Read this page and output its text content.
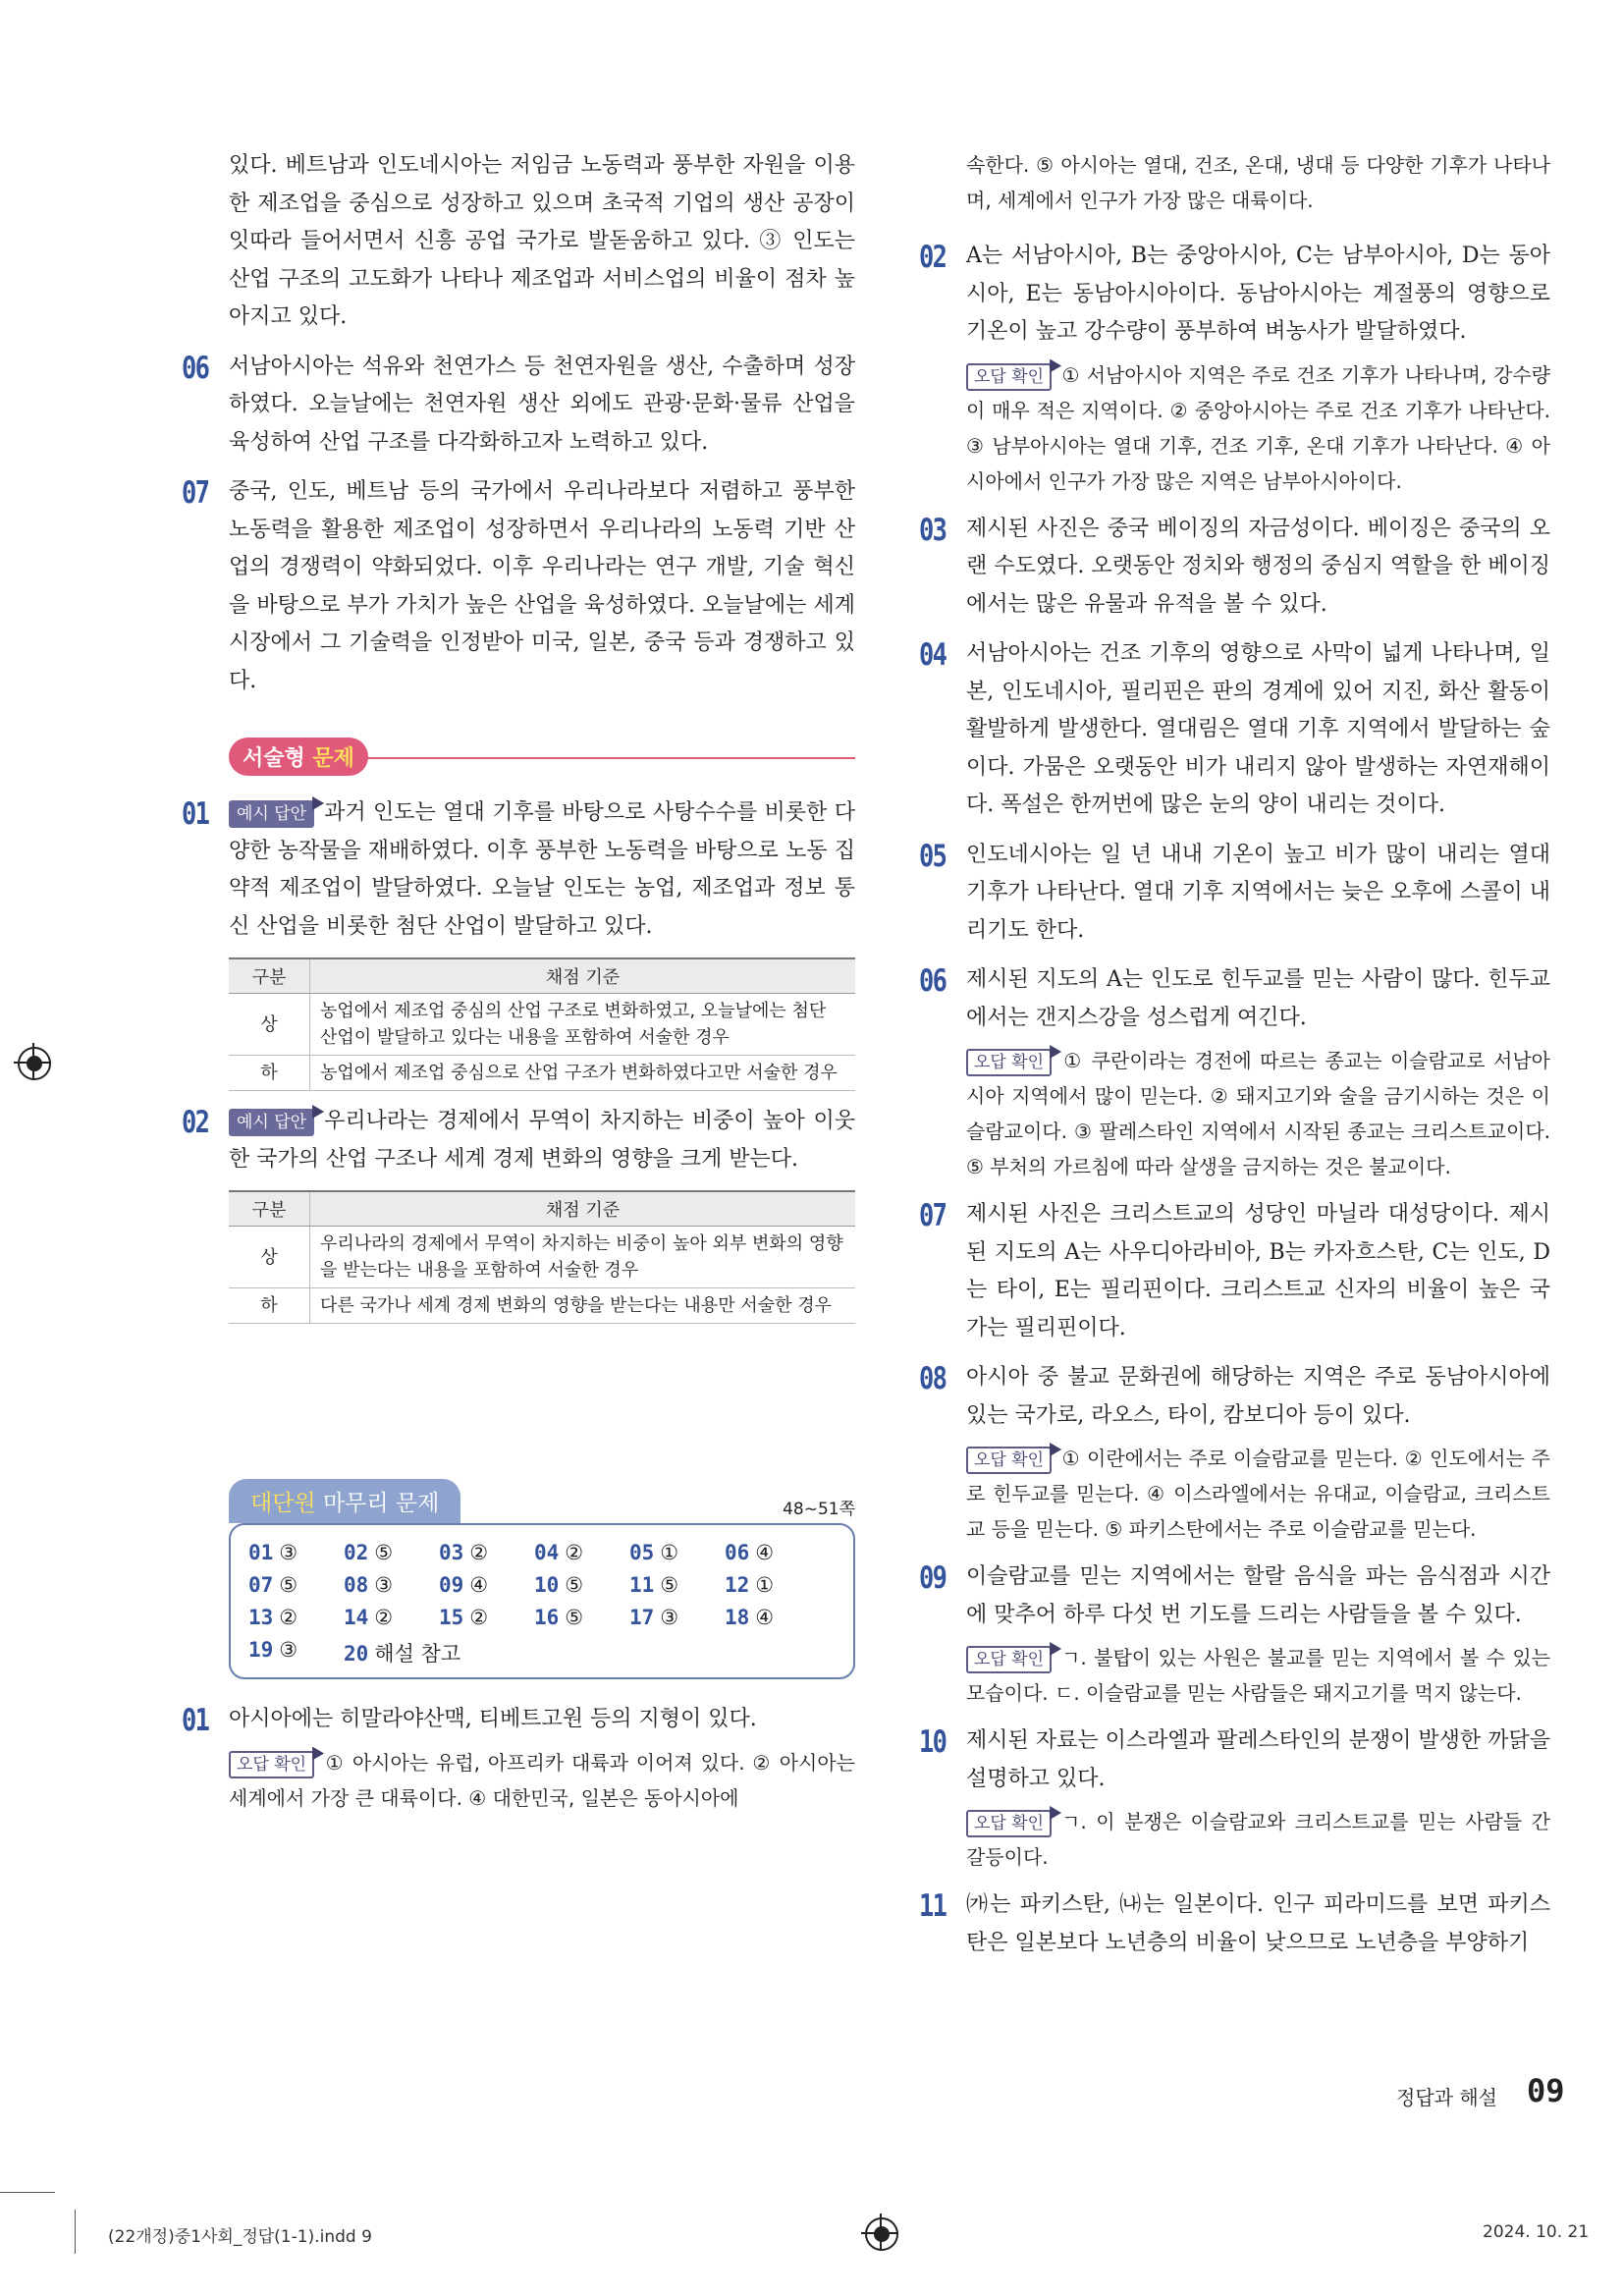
있다. 베트남과 인도네시아는 저임금 노동력과 풍부한 자원을 이용한 제조업을 중심으로 성장하고 있으며 초국적 기업의 생산 공장이 잇따라 들어서면서 신흥 공업 국가로 발돋움하고 있다. ③ 인도는 산업 구조의 고도화가 나타나 제조업과 서비스업의 비율이 점차 높아지고 있다.

06 서남아시아는 석유와 천연가스 등 천연자원을 생산, 수출하며 성장하였다. 오늘날에는 천연자원 생산 외에도 관광·문화·물류 산업을 육성하여 산업 구조를 다각화하고자 노력하고 있다.

07 중국, 인도, 베트남 등의 국가에서 우리나라보다 저렴하고 풍부한 노동력을 활용한 제조업이 성장하면서 우리나라의 노동력 기반 산업의 경쟁력이 약화되었다. 이후 우리나라는 연구 개발, 기술 혁신을 바탕으로 부가 가치가 높은 산업을 육성하였다. 오늘날에는 세계 시장에서 그 기술력을 인정받아 미국, 일본, 중국 등과 경쟁하고 있다.

서술형 문제
01	예시 답안 과거 인도는 열대 기후를 바탕으로 사탕수수를 비롯한 다양한 농작물을 재배하였다. 이후 풍부한 노동력을 바탕으로 노동 집약적 제조업이 발달하였다. 오늘날 인도는 농업, 제조업과 정보 통신 산업을 비롯한 첨단 산업이 발달하고 있다.

구분	채점 기준
상	농업에서 제조업 중심의 산업 구조로 변화하였고, 오늘날에는 첨단 산업이 발달하고 있다는 내용을 포함하여 서술한 경우
하	농업에서 제조업 중심으로 산업 구조가 변화하였다고만 서술한 경우
02	예시 답안 우리나라는 경제에서 무역이 차지하는 비중이 높아 이웃한 국가의 산업 구조나 세계 경제 변화의 영향을 크게 받는다.

구분	채점 기준
상	우리나라의 경제에서 무역이 차지하는 비중이 높아 외부 변화의 영향을 받는다는 내용을 포함하여 서술한 경우
하	다른 국가나 세계 경제 변화의 영향을 받는다는 내용만 서술한 경우
대단원 마무리 문제	48~51쪽
01 ③	02 ⑤	03 ②	04 ②	05 ①	06 ④
07 ⑤	08 ③	09 ④	10 ⑤	11 ⑤	12 ①
13 ②	14 ②	15 ②	16 ⑤	17 ③	18 ④
19 ③	20 해설 참고
01 아시아에는 히말라야산맥, 티베트고원 등의 지형이 있다.

오답 확인 ① 아시아는 유럽, 아프리카 대륙과 이어져 있다. ② 아시아는 세계에서 가장 큰 대륙이다. ④ 대한민국, 일본은 동아시아에

속한다. ⑤ 아시아는 열대, 건조, 온대, 냉대 등 다양한 기후가 나타나며, 세계에서 인구가 가장 많은 대륙이다.

02 A는 서남아시아, B는 중앙아시아, C는 남부아시아, D는 동아시아, E는 동남아시아이다. 동남아시아는 계절풍의 영향으로 기온이 높고 강수량이 풍부하여 벼농사가 발달하였다.

오답 확인 ① 서남아시아 지역은 주로 건조 기후가 나타나며, 강수량이 매우 적은 지역이다. ② 중앙아시아는 주로 건조 기후가 나타난다. ③ 남부아시아는 열대 기후, 건조 기후, 온대 기후가 나타난다. ④ 아시아에서 인구가 가장 많은 지역은 남부아시아이다.
03 제시된 사진은 중국 베이징의 자금성이다. 베이징은 중국의 오랜 수도였다. 오랫동안 정치와 행정의 중심지 역할을 한 베이징에서는 많은 유물과 유적을 볼 수 있다.

04 서남아시아는 건조 기후의 영향으로 사막이 넓게 나타나며, 일본, 인도네시아, 필리핀은 판의 경계에 있어 지진, 화산 활동이 활발하게 발생한다. 열대림은 열대 기후 지역에서 발달하는 숲이다. 가뭄은 오랫동안 비가 내리지 않아 발생하는 자연재해이다. 폭설은 한꺼번에 많은 눈의 양이 내리는 것이다.

05 인도네시아는 일 년 내내 기온이 높고 비가 많이 내리는 열대 기후가 나타난다. 열대 기후 지역에서는 늦은 오후에 스콜이 내리기도 한다.

06 제시된 지도의 A는 인도로 힌두교를 믿는 사람이 많다. 힌두교에서는 갠지스강을 성스럽게 여긴다.

오답 확인 ① 쿠란이라는 경전에 따르는 종교는 이슬람교로 서남아시아 지역에서 많이 믿는다. ② 돼지고기와 술을 금기시하는 것은 이슬람교이다. ③ 팔레스타인 지역에서 시작된 종교는 크리스트교이다. ⑤ 부처의 가르침에 따라 살생을 금지하는 것은 불교이다.
07 제시된 사진은 크리스트교의 성당인 마닐라 대성당이다. 제시된 지도의 A는 사우디아라비아, B는 카자흐스탄, C는 인도, D는 타이, E는 필리핀이다. 크리스트교 신자의 비율이 높은 국가는 필리핀이다.

08 아시아 중 불교 문화권에 해당하는 지역은 주로 동남아시아에 있는 국가로, 라오스, 타이, 캄보디아 등이 있다.

오답 확인 ① 이란에서는 주로 이슬람교를 믿는다. ② 인도에서는 주로 힌두교를 믿는다. ④ 이스라엘에서는 유대교, 이슬람교, 크리스트교 등을 믿는다. ⑤ 파키스탄에서는 주로 이슬람교를 믿는다.
09 이슬람교를 믿는 지역에서는 할랄 음식을 파는 음식점과 시간에 맞추어 하루 다섯 번 기도를 드리는 사람들을 볼 수 있다.

오답 확인 ㄱ. 불탑이 있는 사원은 불교를 믿는 지역에서 볼 수 있는 모습이다. ㄷ. 이슬람교를 믿는 사람들은 돼지고기를 먹지 않는다.
10 제시된 자료는 이스라엘과 팔레스타인의 분쟁이 발생한 까닭을 설명하고 있다.

오답 확인 ㄱ. 이 분쟁은 이슬람교와 크리스트교를 믿는 사람들 간 갈등이다.
11 ㈎는 파키스탄, ㈏는 일본이다. 인구 피라미드를 보면 파키스탄은 일본보다 노년층의 비율이 낮으므로 노년층을 부양하기

정답과 해설 09
(22개정)중1사회_정답(1-1).indd 9	2024. 10. 21
